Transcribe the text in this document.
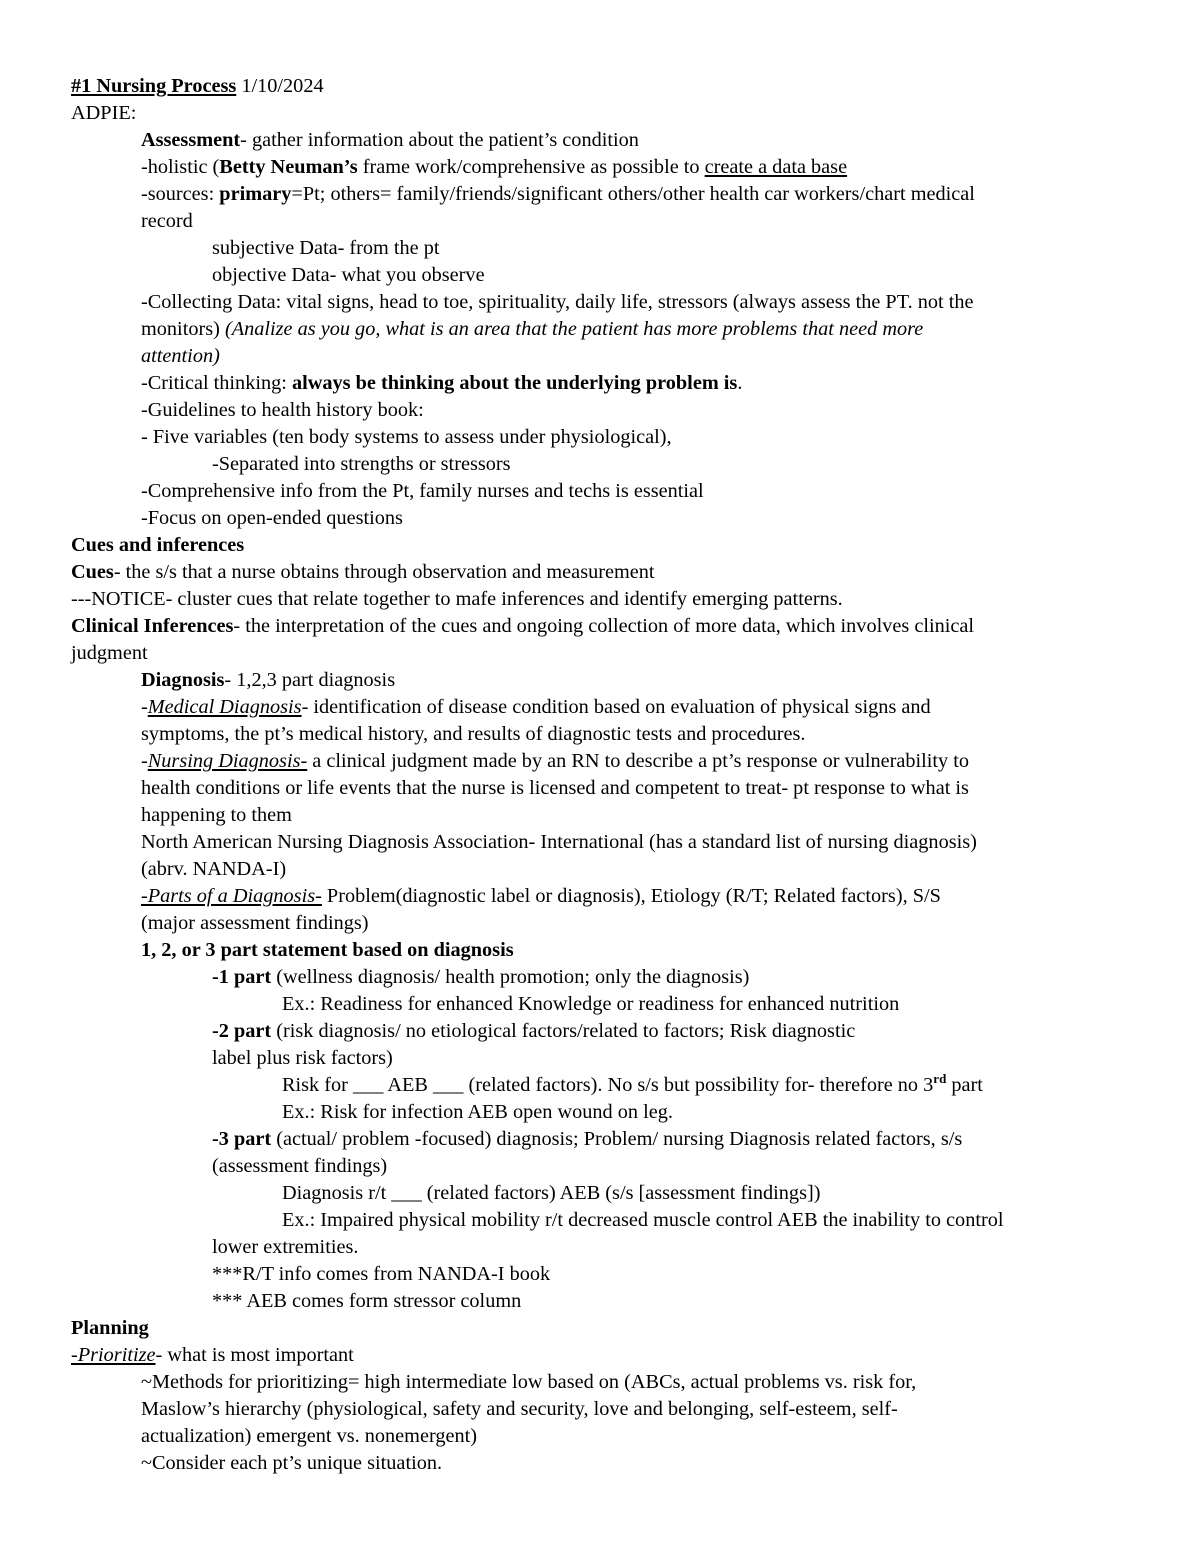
#1 Nursing Process 1/10/2024
ADPIE:
Assessment- gather information about the patient’s condition
-holistic (Betty Neuman’s frame work/comprehensive as possible to create a data base
-sources: primary=Pt; others= family/friends/significant others/other health car workers/chart medical
record
subjective Data- from the pt
objective Data- what you observe
-Collecting Data: vital signs, head to toe, spirituality, daily life, stressors (always assess the PT. not the
monitors) (Analize as you go, what is an area that the patient has more problems that need more
attention)
-Critical thinking: always be thinking about the underlying problem is.
-Guidelines to health history book:
- Five variables (ten body systems to assess under physiological),
-Separated into strengths or stressors
-Comprehensive info from the Pt, family nurses and techs is essential
-Focus on open-ended questions
Cues and inferences
Cues- the s/s that a nurse obtains through observation and measurement
---NOTICE- cluster cues that relate together to mafe inferences and identify emerging patterns.
Clinical Inferences- the interpretation of the cues and ongoing collection of more data, which involves clinical
judgment
Diagnosis- 1,2,3 part diagnosis
-Medical Diagnosis- identification of disease condition based on evaluation of physical signs and
symptoms, the pt’s medical history, and results of diagnostic tests and procedures.
-Nursing Diagnosis- a clinical judgment made by an RN to describe a pt’s response or vulnerability to
health conditions or life events that the nurse is licensed and competent to treat- pt response to what is
happening to them
North American Nursing Diagnosis Association- International (has a standard list of nursing diagnosis)
(abrv. NANDA-I)
-Parts of a Diagnosis- Problem(diagnostic label or diagnosis), Etiology (R/T; Related factors), S/S
(major assessment findings)
1, 2, or 3 part statement based on diagnosis
-1 part (wellness diagnosis/ health promotion; only the diagnosis)
Ex.: Readiness for enhanced Knowledge or readiness for enhanced nutrition
-2 part (risk diagnosis/ no etiological factors/related to factors; Risk diagnostic
label plus risk factors)
Risk for ___ AEB ___ (related factors). No s/s but possibility for- therefore no 3rd part
Ex.: Risk for infection AEB open wound on leg.
-3 part (actual/ problem -focused) diagnosis; Problem/ nursing Diagnosis related factors, s/s
(assessment findings)
Diagnosis r/t ___ (related factors) AEB (s/s [assessment findings])
Ex.: Impaired physical mobility r/t decreased muscle control AEB the inability to control
lower extremities.
***R/T info comes from NANDA-I book
*** AEB comes form stressor column
Planning
-Prioritize- what is most important
~Methods for prioritizing= high intermediate low based on (ABCs, actual problems vs. risk for,
Maslow’s hierarchy (physiological, safety and security, love and belonging, self-esteem, self-
actualization) emergent vs. nonemergent)
~Consider each pt’s unique situation.
